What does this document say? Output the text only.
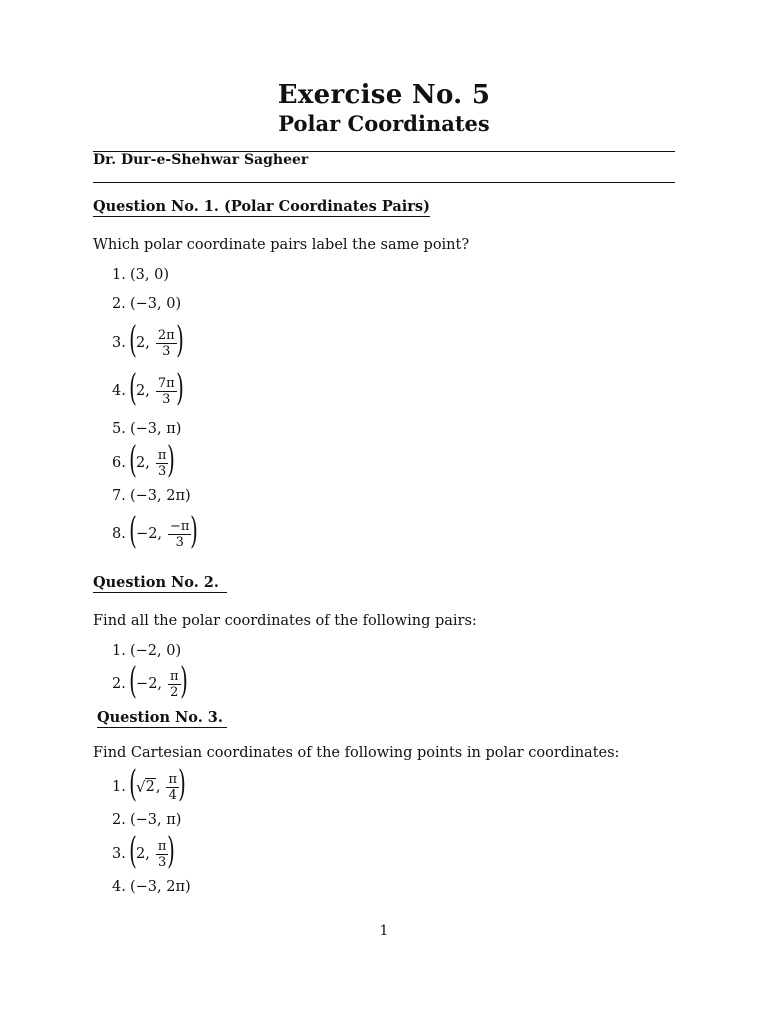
Exercise No. 5
Polar Coordinates
Dr. Dur-e-Shehwar Sagheer
Question No. 1. (Polar Coordinates Pairs)
Which polar coordinate pairs label the same point?
1. (3, 0)
2. (−3, 0)
3. ( 2, $\frac{2\pi}{3}$ )
4. ( 2, $\frac{7\pi}{3}$ )
5. (−3, π)
6. ( 2, $\frac{\pi}{3}$ )
7. (−3, 2π)
8. ( −2, $\frac{-\pi}{3}$ )
Question No. 2.
Find all the polar coordinates of the following pairs:
1. (−2, 0)
2. ( −2, $\frac{\pi}{2}$ )
Question No. 3.
Find Cartesian coordinates of the following points in polar coordinates:
1. ( √ 2 , $\frac{\pi}{4}$ )
2. (−3, π)
3. ( 2, $\frac{\pi}{3}$ )
4. (−3, 2π)
1
